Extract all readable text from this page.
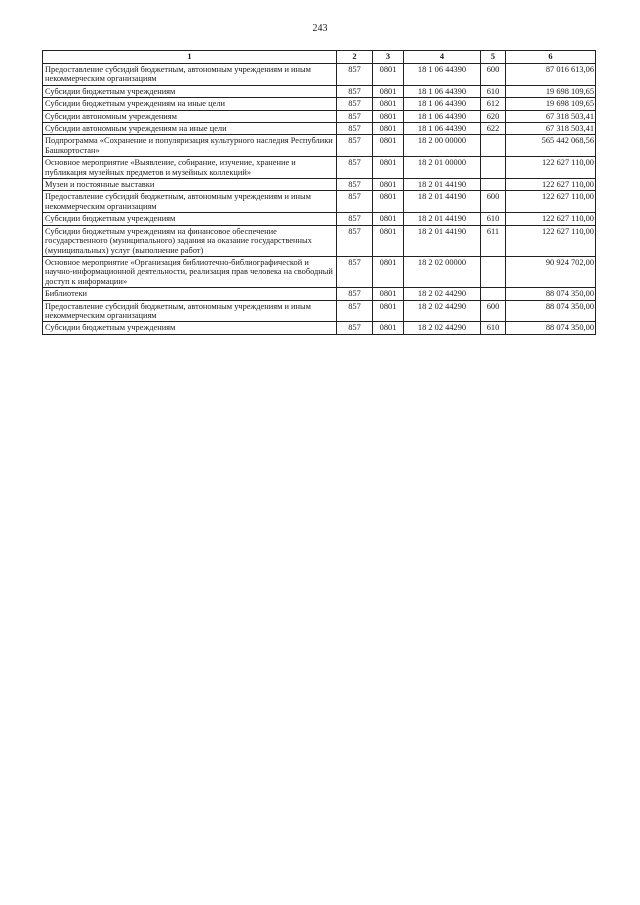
243
1	2	3	4	5	6
Предоставление субсидий бюджетным, автономным учреждениям и иным некоммерческим организациям	857	0801	18 1 06 44390	600	87 016 613,06
Субсидии бюджетным учреждениям	857	0801	18 1 06 44390	610	19 698 109,65
Субсидии бюджетным учреждениям на иные цели	857	0801	18 1 06 44390	612	19 698 109,65
Субсидии автономным учреждениям	857	0801	18 1 06 44390	620	67 318 503,41
Субсидии автономным учреждениям на иные цели	857	0801	18 1 06 44390	622	67 318 503,41
Подпрограмма «Сохранение и популяризация культурного наследия Республики Башкортостан»	857	0801	18 2 00 00000		565 442 068,56
Основное мероприятие «Выявление, собирание, изучение, хранение и публикация музейных предметов и музейных коллекций»	857	0801	18 2 01 00000		122 627 110,00
Музеи и постоянные выставки	857	0801	18 2 01 44190		122 627 110,00
Предоставление субсидий бюджетным, автономным учреждениям и иным некоммерческим организациям	857	0801	18 2 01 44190	600	122 627 110,00
Субсидии бюджетным учреждениям	857	0801	18 2 01 44190	610	122 627 110,00
Субсидии бюджетным учреждениям на финансовое обеспечение государственного (муниципального) задания на оказание государственных (муниципальных) услуг (выполнение работ)	857	0801	18 2 01 44190	611	122 627 110,00
Основное мероприятие «Организация библиотечно-библиографической и научно-информационной деятельности, реализация прав человека на свободный доступ к информации»	857	0801	18 2 02 00000		90 924 702,00
Библиотеки	857	0801	18 2 02 44290		88 074 350,00
Предоставление субсидий бюджетным, автономным учреждениям и иным некоммерческим организациям	857	0801	18 2 02 44290	600	88 074 350,00
Субсидии бюджетным учреждениям	857	0801	18 2 02 44290	610	88 074 350,00
